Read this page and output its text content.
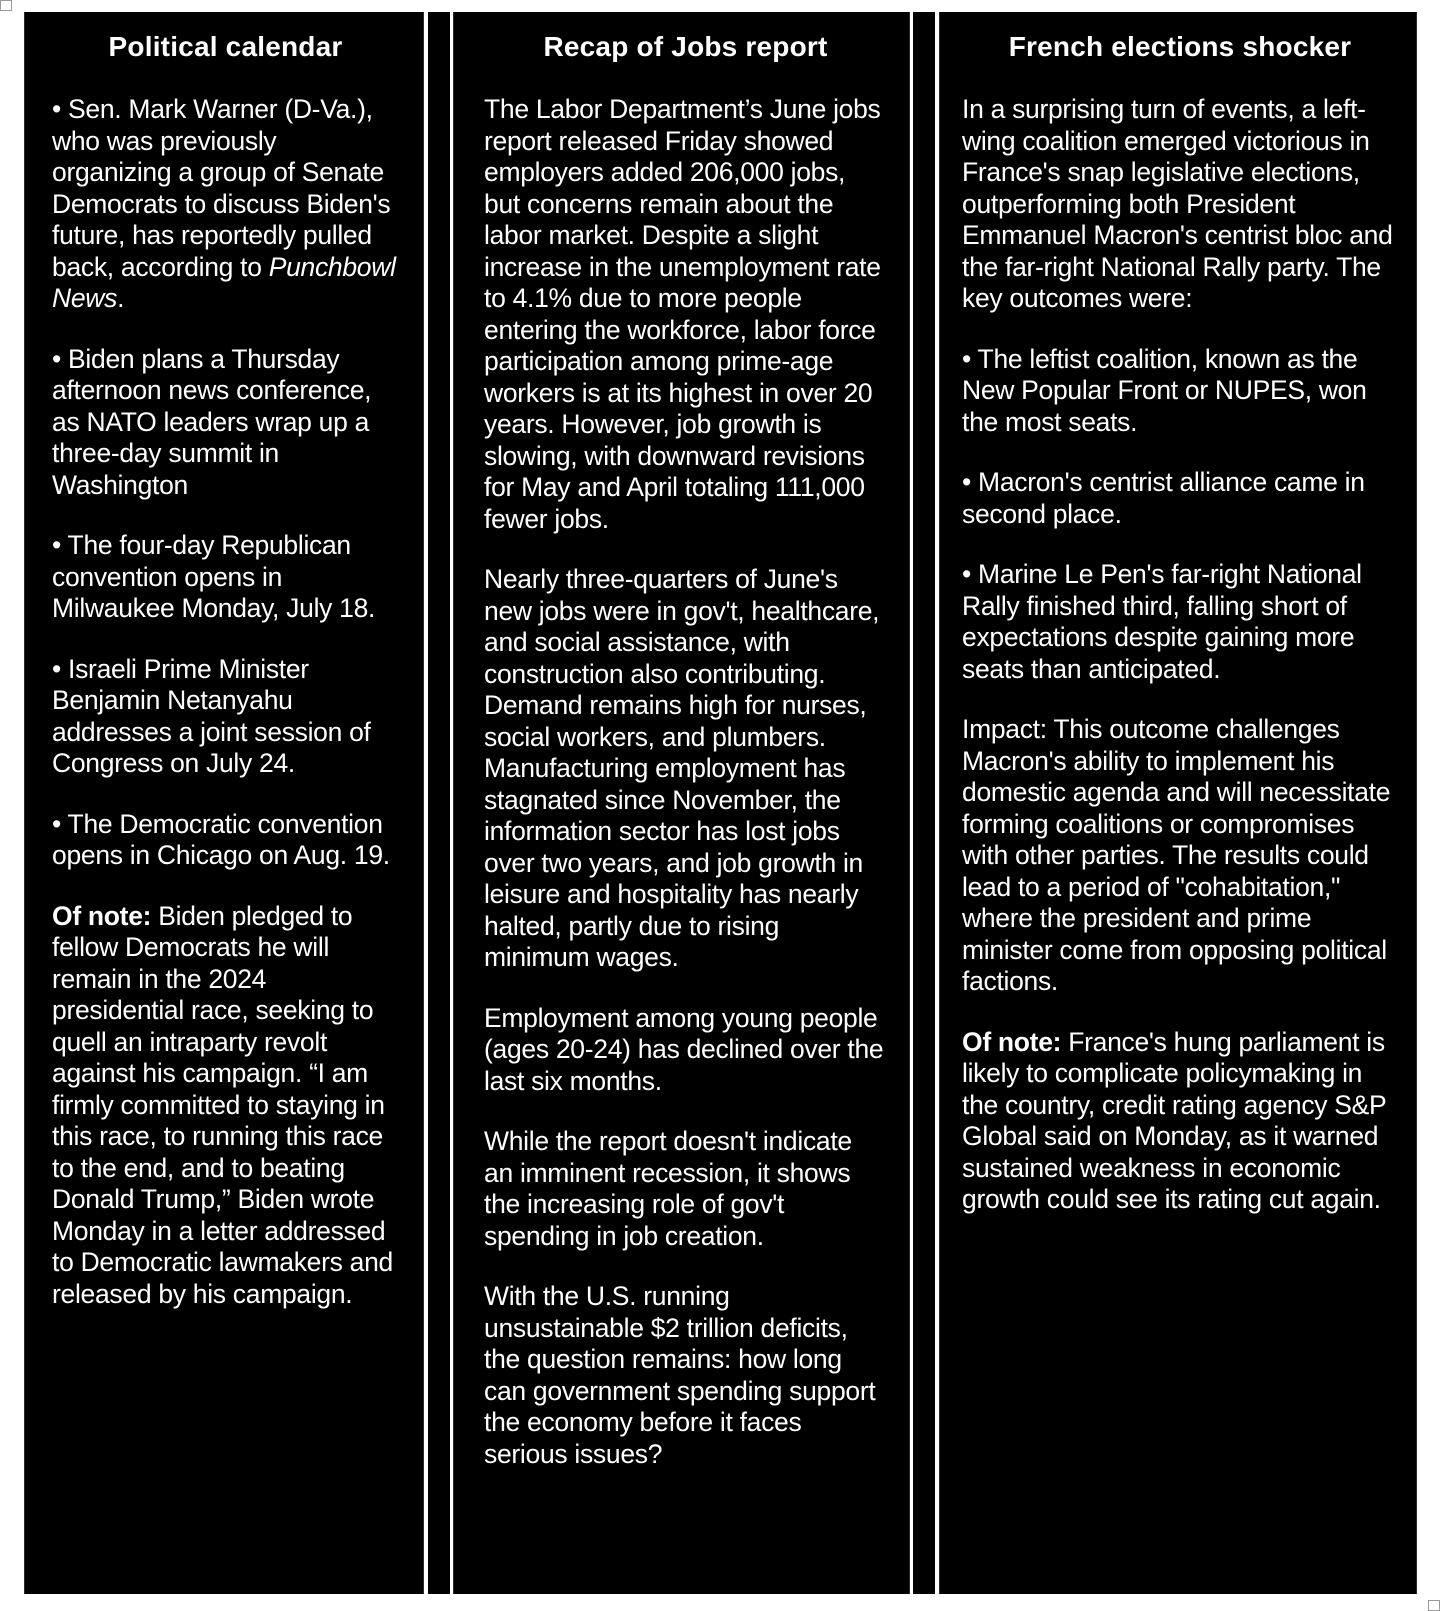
Political calendar

• Sen. Mark Warner (D-Va.), who was previously organizing a group of Senate Democrats to discuss Biden's future, has reportedly pulled back, according to Punchbowl News.

• Biden plans a Thursday afternoon news conference, as NATO leaders wrap up a three-day summit in Washington

• The four-day Republican convention opens in Milwaukee Monday, July 18.

• Israeli Prime Minister Benjamin Netanyahu addresses a joint session of Congress on July 24.

• The Democratic convention opens in Chicago on Aug. 19.

Of note: Biden pledged to fellow Democrats he will remain in the 2024 presidential race, seeking to quell an intraparty revolt against his campaign. “I am firmly committed to staying in this race, to running this race to the end, and to beating Donald Trump,” Biden wrote Monday in a letter addressed to Democratic lawmakers and released by his campaign.

Recap of Jobs report

The Labor Department’s June jobs report released Friday showed employers added 206,000 jobs, but concerns remain about the labor market. Despite a slight increase in the unemployment rate to 4.1% due to more people entering the workforce, labor force participation among prime-age workers is at its highest in over 20 years. However, job growth is slowing, with downward revisions for May and April totaling 111,000 fewer jobs.

Nearly three-quarters of June's new jobs were in gov't, healthcare, and social assistance, with construction also contributing. Demand remains high for nurses, social workers, and plumbers. Manufacturing employment has stagnated since November, the information sector has lost jobs over two years, and job growth in leisure and hospitality has nearly halted, partly due to rising minimum wages.

Employment among young people (ages 20-24) has declined over the last six months.

While the report doesn't indicate an imminent recession, it shows the increasing role of gov't spending in job creation.

With the U.S. running unsustainable $2 trillion deficits, the question remains: how long can government spending support the economy before it faces serious issues?

French elections shocker

In a surprising turn of events, a left-wing coalition emerged victorious in France's snap legislative elections, outperforming both President Emmanuel Macron's centrist bloc and the far-right National Rally party. The key outcomes were:

• The leftist coalition, known as the New Popular Front or NUPES, won the most seats.

• Macron's centrist alliance came in second place.

• Marine Le Pen's far-right National Rally finished third, falling short of expectations despite gaining more seats than anticipated.

Impact: This outcome challenges Macron's ability to implement his domestic agenda and will necessitate forming coalitions or compromises with other parties. The results could lead to a period of "cohabitation," where the president and prime minister come from opposing political factions.

Of note: France's hung parliament is likely to complicate policymaking in the country, credit rating agency S&P Global said on Monday, as it warned sustained weakness in economic growth could see its rating cut again.
